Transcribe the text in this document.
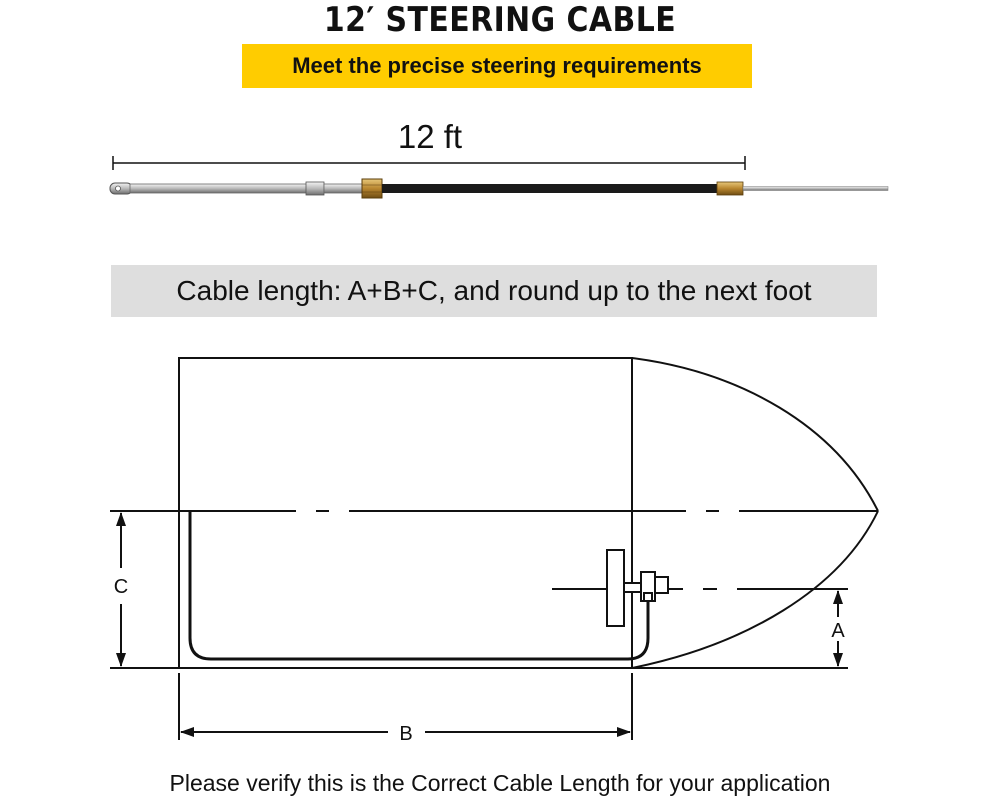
12′ STEERING CABLE
Meet the precise steering requirements
12 ft
Cable length: A+B+C, and round up to the next foot
C
A
B
Please verify this is the Correct Cable Length for your application
